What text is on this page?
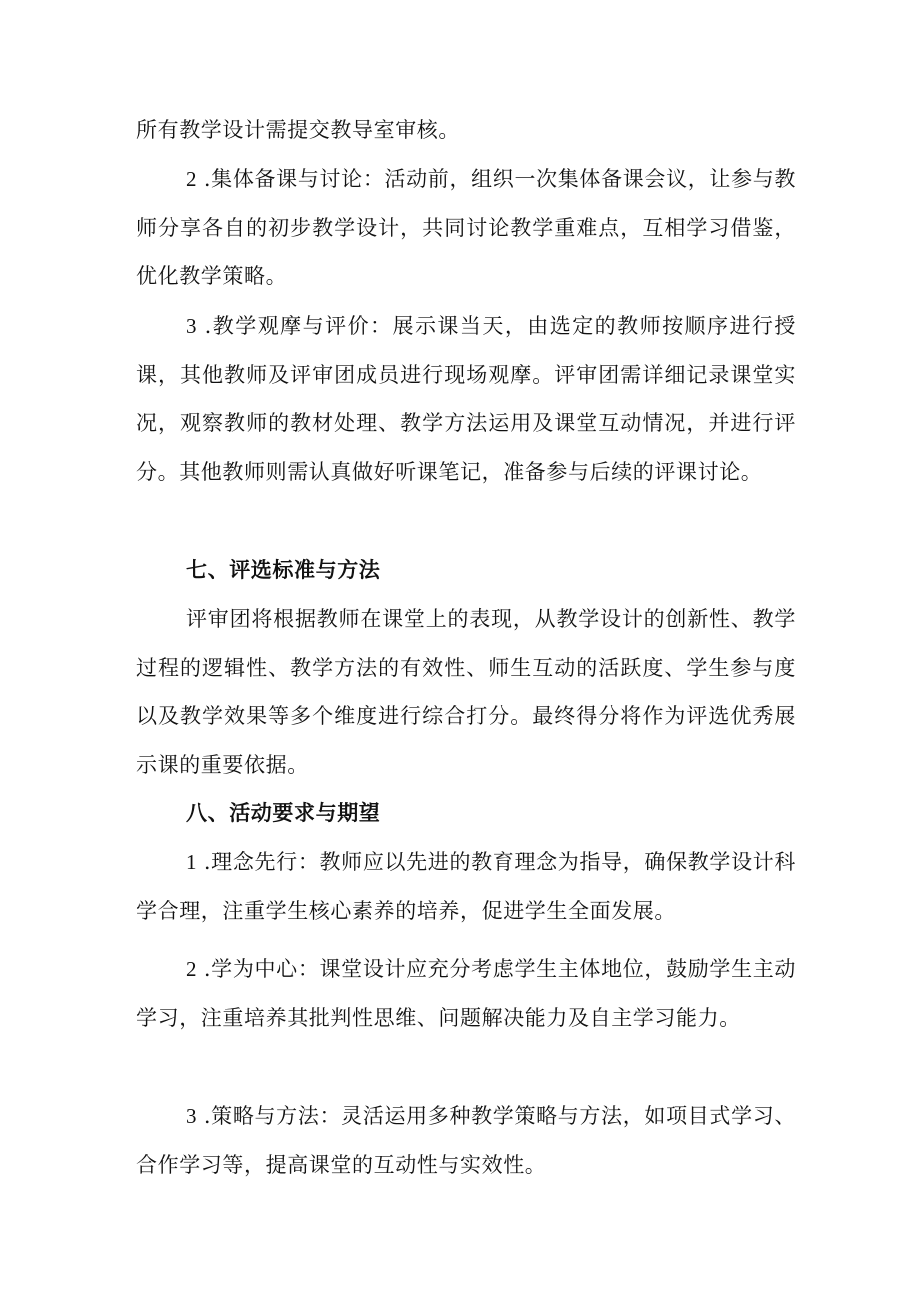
所有教学设计需提交教导室审核。

2 .集体备课与讨论：活动前，组织一次集体备课会议，让参与教师分享各自的初步教学设计，共同讨论教学重难点，互相学习借鉴，优化教学策略。

3 .教学观摩与评价：展示课当天，由选定的教师按顺序进行授课，其他教师及评审团成员进行现场观摩。评审团需详细记录课堂实况，观察教师的教材处理、教学方法运用及课堂互动情况，并进行评分。其他教师则需认真做好听课笔记，准备参与后续的评课讨论。

七、评选标准与方法

评审团将根据教师在课堂上的表现，从教学设计的创新性、教学过程的逻辑性、教学方法的有效性、师生互动的活跃度、学生参与度以及教学效果等多个维度进行综合打分。最终得分将作为评选优秀展示课的重要依据。

八、活动要求与期望

1 .理念先行：教师应以先进的教育理念为指导，确保教学设计科学合理，注重学生核心素养的培养，促进学生全面发展。

2 .学为中心：课堂设计应充分考虑学生主体地位，鼓励学生主动学习，注重培养其批判性思维、问题解决能力及自主学习能力。

3 .策略与方法：灵活运用多种教学策略与方法，如项目式学习、合作学习等，提高课堂的互动性与实效性。
